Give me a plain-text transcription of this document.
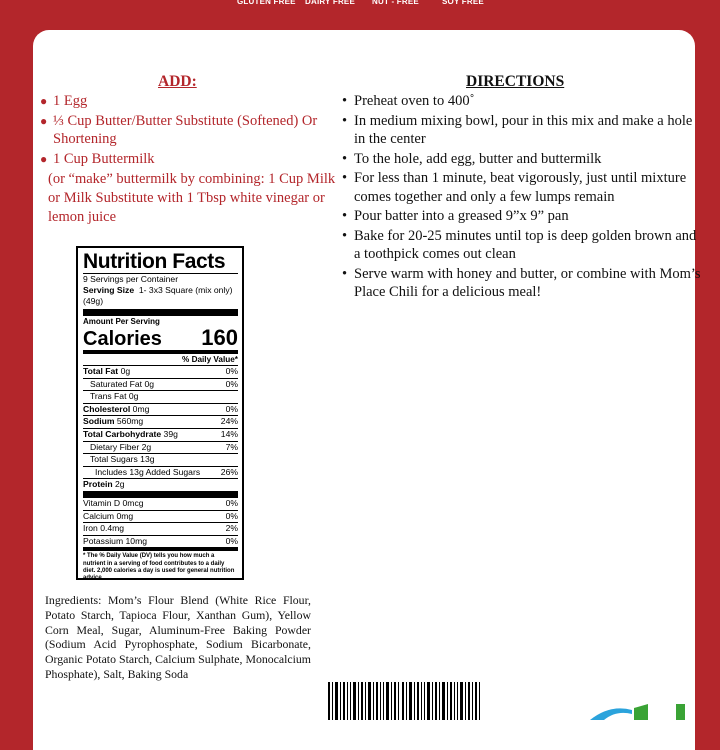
GLUTEN FREE DAIRY FREE NUT - FREE	SOY FREE
ADD:
● 1 Egg
● ⅓ Cup Butter/Butter Substitute (Softened) Or Shortening
● 1 Cup Buttermilk
(or “make” buttermilk by combining: 1 Cup Milk or Milk Substitute with 1 Tbsp white vinegar or lemon juice
DIRECTIONS
• Preheat oven to 400˚
• In medium mixing bowl, pour in this mix and make a hole in the center
• To the hole, add egg, butter and buttermilk
• For less than 1 minute, beat vigorously, just until mixture comes together and only a few lumps remain
• Pour batter into a greased 9”x 9” pan
• Bake for 20-25 minutes until top is deep golden brown and a toothpick comes out clean
• Serve warm with honey and butter, or combine with Mom’s Place Chili for a delicious meal!
Nutrition Facts
9 Servings per Container
Serving Size 1- 3x3 Square (mix only) (49g)
Amount Per Serving
Calories 160
% Daily Value*
Total Fat 0g	0%
Saturated Fat 0g	0%
Trans Fat 0g
Cholesterol 0mg	0%
Sodium 560mg	24%
Total Carbohydrate 39g	14%
Dietary Fiber 2g	7%
Total Sugars 13g
Includes 13g Added Sugars 26%
Protein 2g
Vitamin D 0mcg	0%
Calcium 0mg	0%
Iron 0.4mg	2%
Potassium 10mg	0%
* The % Daily Value (DV) tells you how much a nutrient in a serving of food contributes to a daily diet. 2,000 calories a day is used for general nutrition advice.
Ingredients: Mom’s Flour Blend (White Rice Flour, Potato Starch, Tapioca Flour, Xanthan Gum), Yellow Corn Meal, Sugar, Aluminum-Free Baking Powder (Sodium Acid Pyrophosphate, Sodium Bicarbonate, Organic Potato Starch, Calcium Sulphate, Monocalcium Phosphate), Salt, Baking Soda
